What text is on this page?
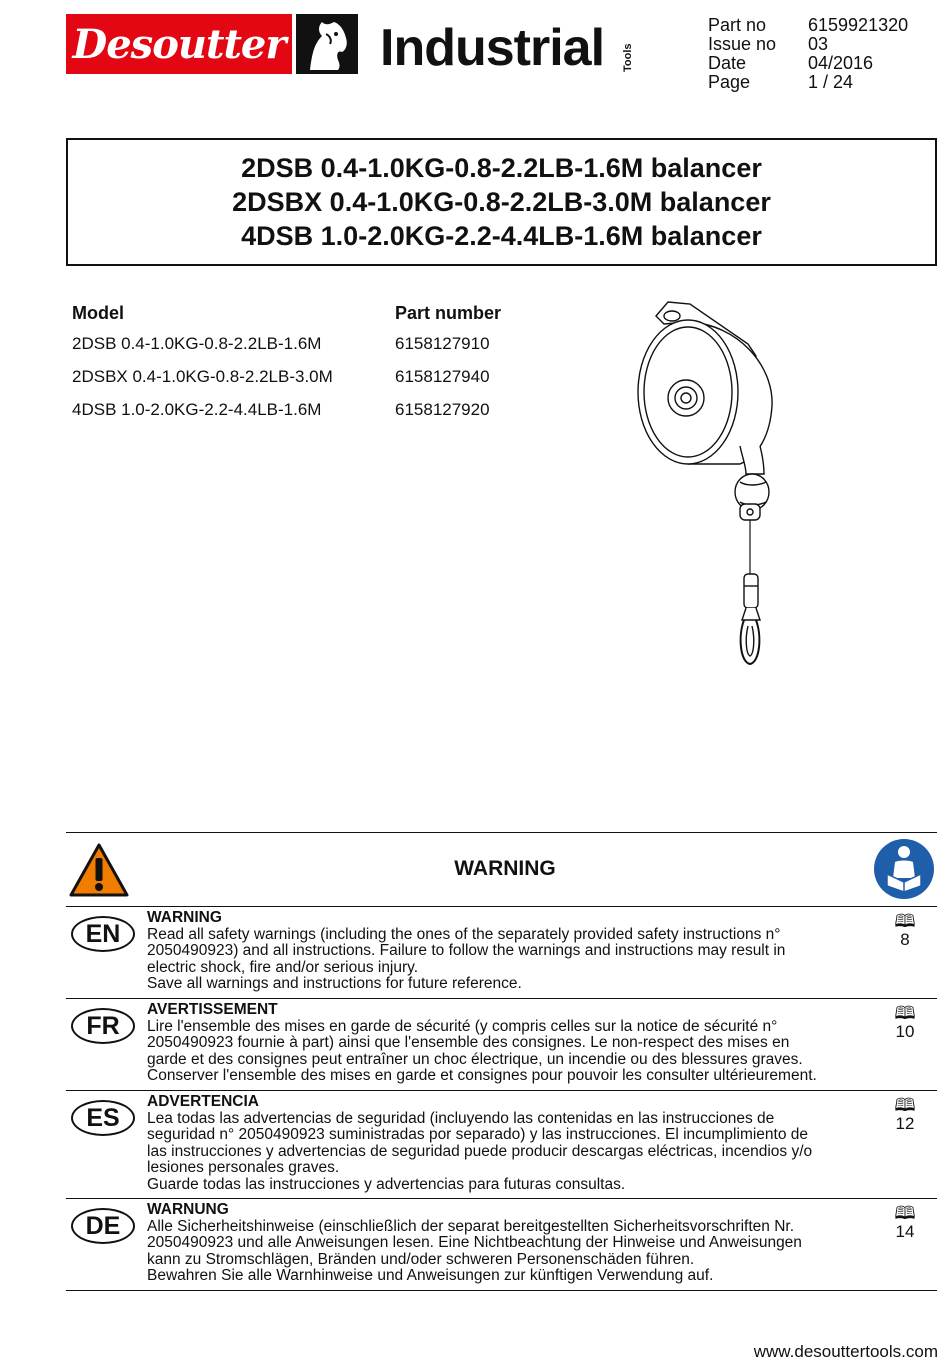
Desoutter Industrial Tools
Part no	6159921320
Issue no	03
Date	04/2016
Page	1 / 24
2DSB 0.4-1.0KG-0.8-2.2LB-1.6M balancer
2DSBX 0.4-1.0KG-0.8-2.2LB-3.0M balancer
4DSB 1.0-2.0KG-2.2-4.4LB-1.6M balancer
Model	Part number
2DSB 0.4-1.0KG-0.8-2.2LB-1.6M	6158127910
2DSBX 0.4-1.0KG-0.8-2.2LB-3.0M	6158127940
4DSB 1.0-2.0KG-2.2-4.4LB-1.6M	6158127920
WARNING
EN
WARNING
Read all safety warnings (including the ones of the separately provided safety instructions n°
2050490923) and all instructions. Failure to follow the warnings and instructions may result in
electric shock, fire and/or serious injury.
Save all warnings and instructions for future reference.
🕮
8
FR
AVERTISSEMENT
Lire l'ensemble des mises en garde de sécurité (y compris celles sur la notice de sécurité n°
2050490923 fournie à part) ainsi que l'ensemble des consignes. Le non-respect des mises en
garde et des consignes peut entraîner un choc électrique, un incendie ou des blessures graves.
Conserver l'ensemble des mises en garde et consignes pour pouvoir les consulter ultérieurement.
🕮
10
ES
ADVERTENCIA
Lea todas las advertencias de seguridad (incluyendo las contenidas en las instrucciones de
seguridad n° 2050490923 suministradas por separado) y las instrucciones. El incumplimiento de
las instrucciones y advertencias de seguridad puede producir descargas eléctricas, incendios y/o
lesiones personales graves.
Guarde todas las instrucciones y advertencias para futuras consultas.
🕮
12
DE
WARNUNG
Alle Sicherheitshinweise (einschließlich der separat bereitgestellten Sicherheitsvorschriften Nr.
2050490923 und alle Anweisungen lesen. Eine Nichtbeachtung der Hinweise und Anweisungen
kann zu Stromschlägen, Bränden und/oder schweren Personenschäden führen.
Bewahren Sie alle Warnhinweise und Anweisungen zur künftigen Verwendung auf.
🕮
14
www.desouttertools.com
